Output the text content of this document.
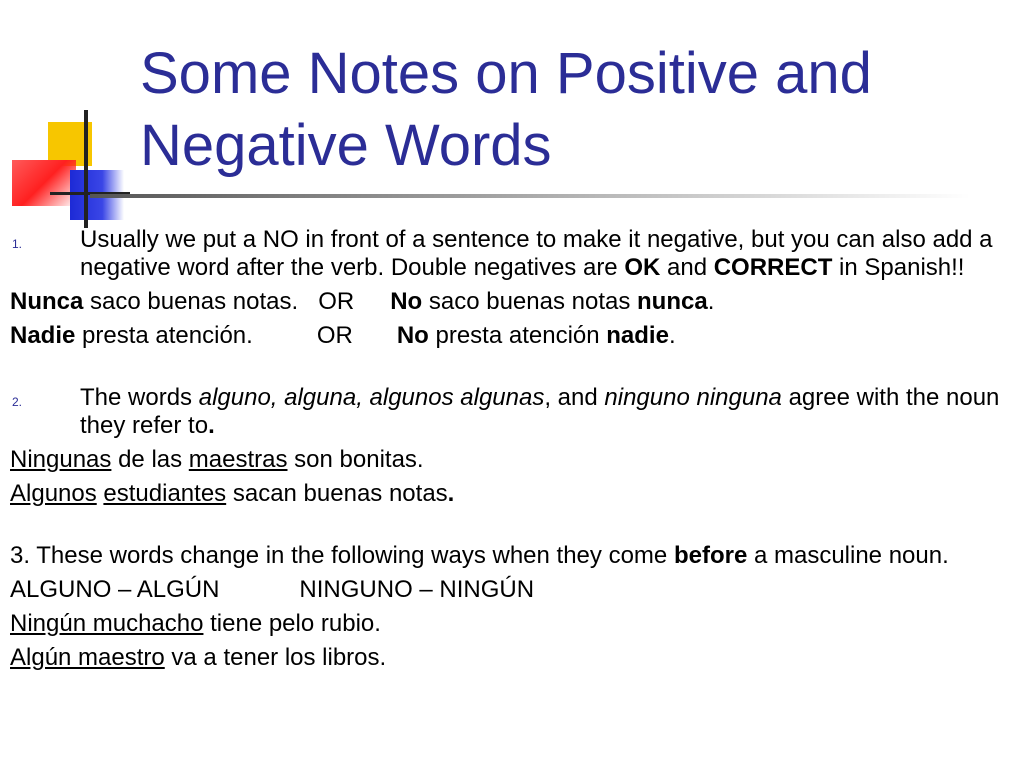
Some Notes on Positive and
Negative Words
1.	Usually we put a NO in front of a sentence to make it negative, but you can also add a negative word after the verb. Double negatives are OK and CORRECT in Spanish!!
Nunca saco buenas notas. OR No saco buenas notas nunca.
Nadie presta atención.	OR No presta atención nadie.
2.	The words alguno, alguna, algunos algunas, and ninguno ninguna agree with the noun they refer to.
Ningunas de las maestras son bonitas.
Algunos estudiantes sacan buenas notas.
3. These words change in the following ways when they come before a masculine noun.
ALGUNO – ALGÚN	NINGUNO – NINGÚN
Ningún muchacho tiene pelo rubio.
Algún maestro va a tener los libros.
